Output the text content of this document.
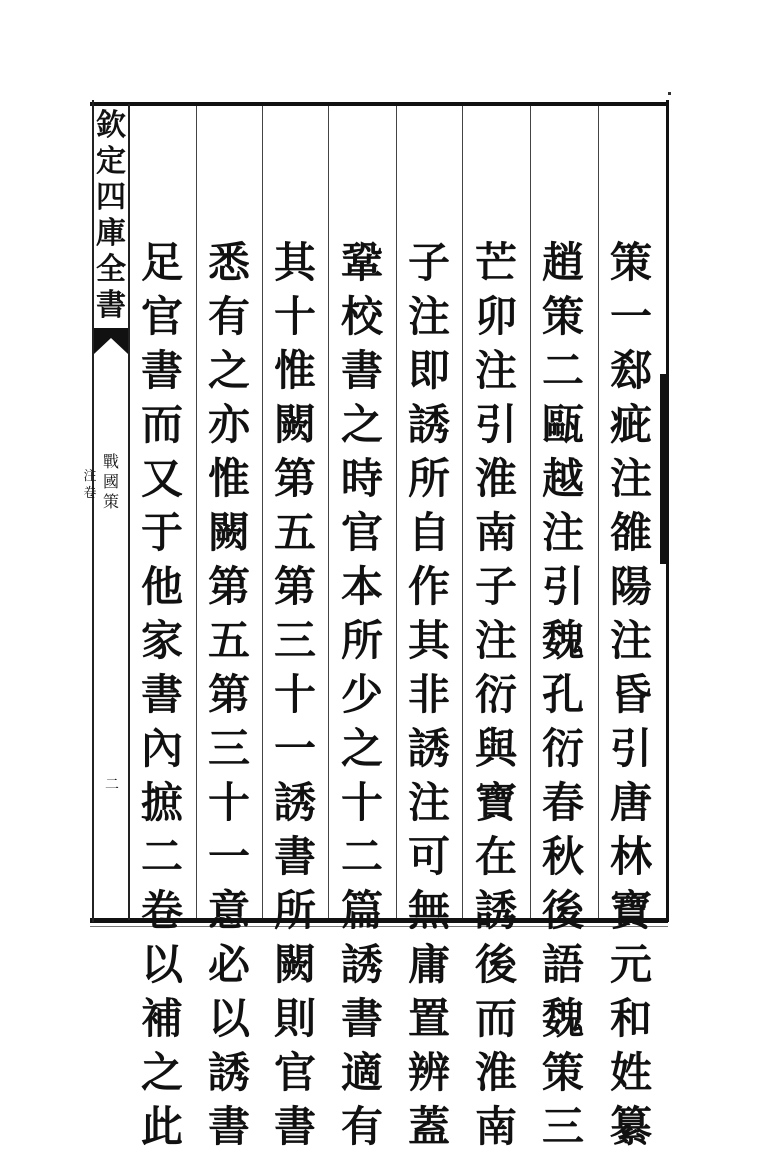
欽
定
四
庫
全
書
戰
國
策
注
卷
二
策
一
郄
疵
注
雒
陽
注
昏
引
唐
林
寶
元
和
姓
纂
趙
策
二
甌
越
注
引
魏
孔
衍
春
秋
後
語
魏
策
三
芒
卯
注
引
淮
南
子
注
衍
與
寶
在
誘
後
而
淮
南
子
注
即
誘
所
自
作
其
非
誘
注
可
無
庸
置
辨
蓋
鞏
校
書
之
時
官
本
所
少
之
十
二
篇
誘
書
適
有
其
十
惟
闕
第
五
第
三
十
一
誘
書
所
闕
則
官
書
悉
有
之
亦
惟
闕
第
五
第
三
十
一
意
必
以
誘
書
足
官
書
而
又
于
他
家
書
內
摭
二
卷
以
補
之
此
